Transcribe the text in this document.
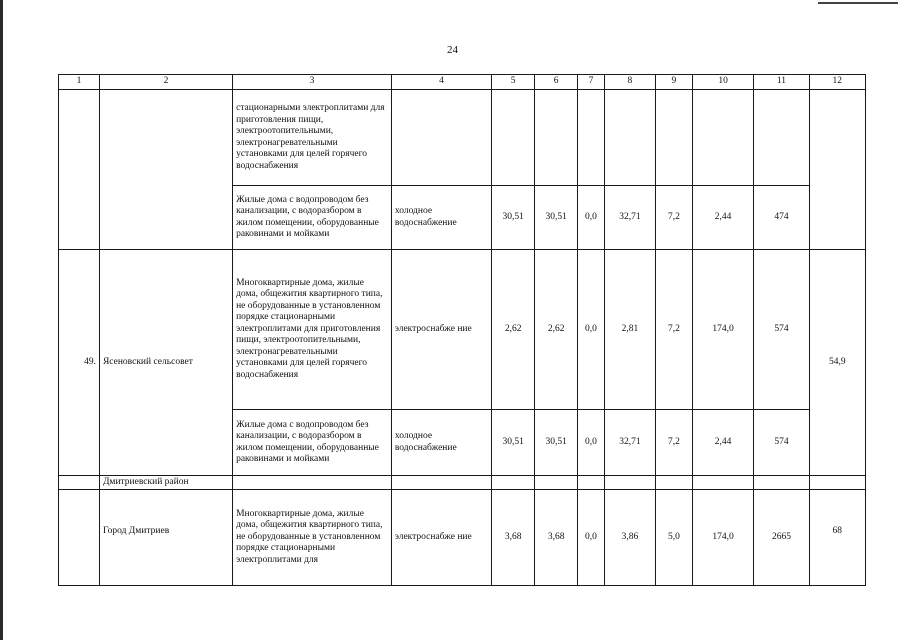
24
1	2	3	4	5	6	7	8	9	10	11	12
		стационарными электроплитами для приготовления пищи, электроотопительными, электронагревательными установками для целей горячего водоснабжения									
		Жилые дома с водопроводом без канализации, с водоразбором в жилом помещении, оборудованные раковинами и мойками	холодное водоснабжение	30,51	30,51	0,0	32,71	7,2	2,44	474	
49.	Ясеновский сельсовет	Многоквартирные дома, жилые дома, общежития квартирного типа, не оборудованные в установленном порядке стационарными электроплитами для приготовления пищи, электроотопительными, электронагревательными установками для целей горячего водоснабжения	электроснабже ние	2,62	2,62	0,0	2,81	7,2	174,0	574	54,9
		Жилые дома с водопроводом без канализации, с водоразбором в жилом помещении, оборудованные раковинами и мойками	холодное водоснабжение	30,51	30,51	0,0	32,71	7,2	2,44	574	
	Дмитриевский район										
	Город Дмитриев	Многоквартирные дома, жилые дома, общежития квартирного типа, не оборудованные в установленном порядке стационарными электроплитами для	электроснабже ние	3,68	3,68	0,0	3,86	5,0	174,0	2665	68
